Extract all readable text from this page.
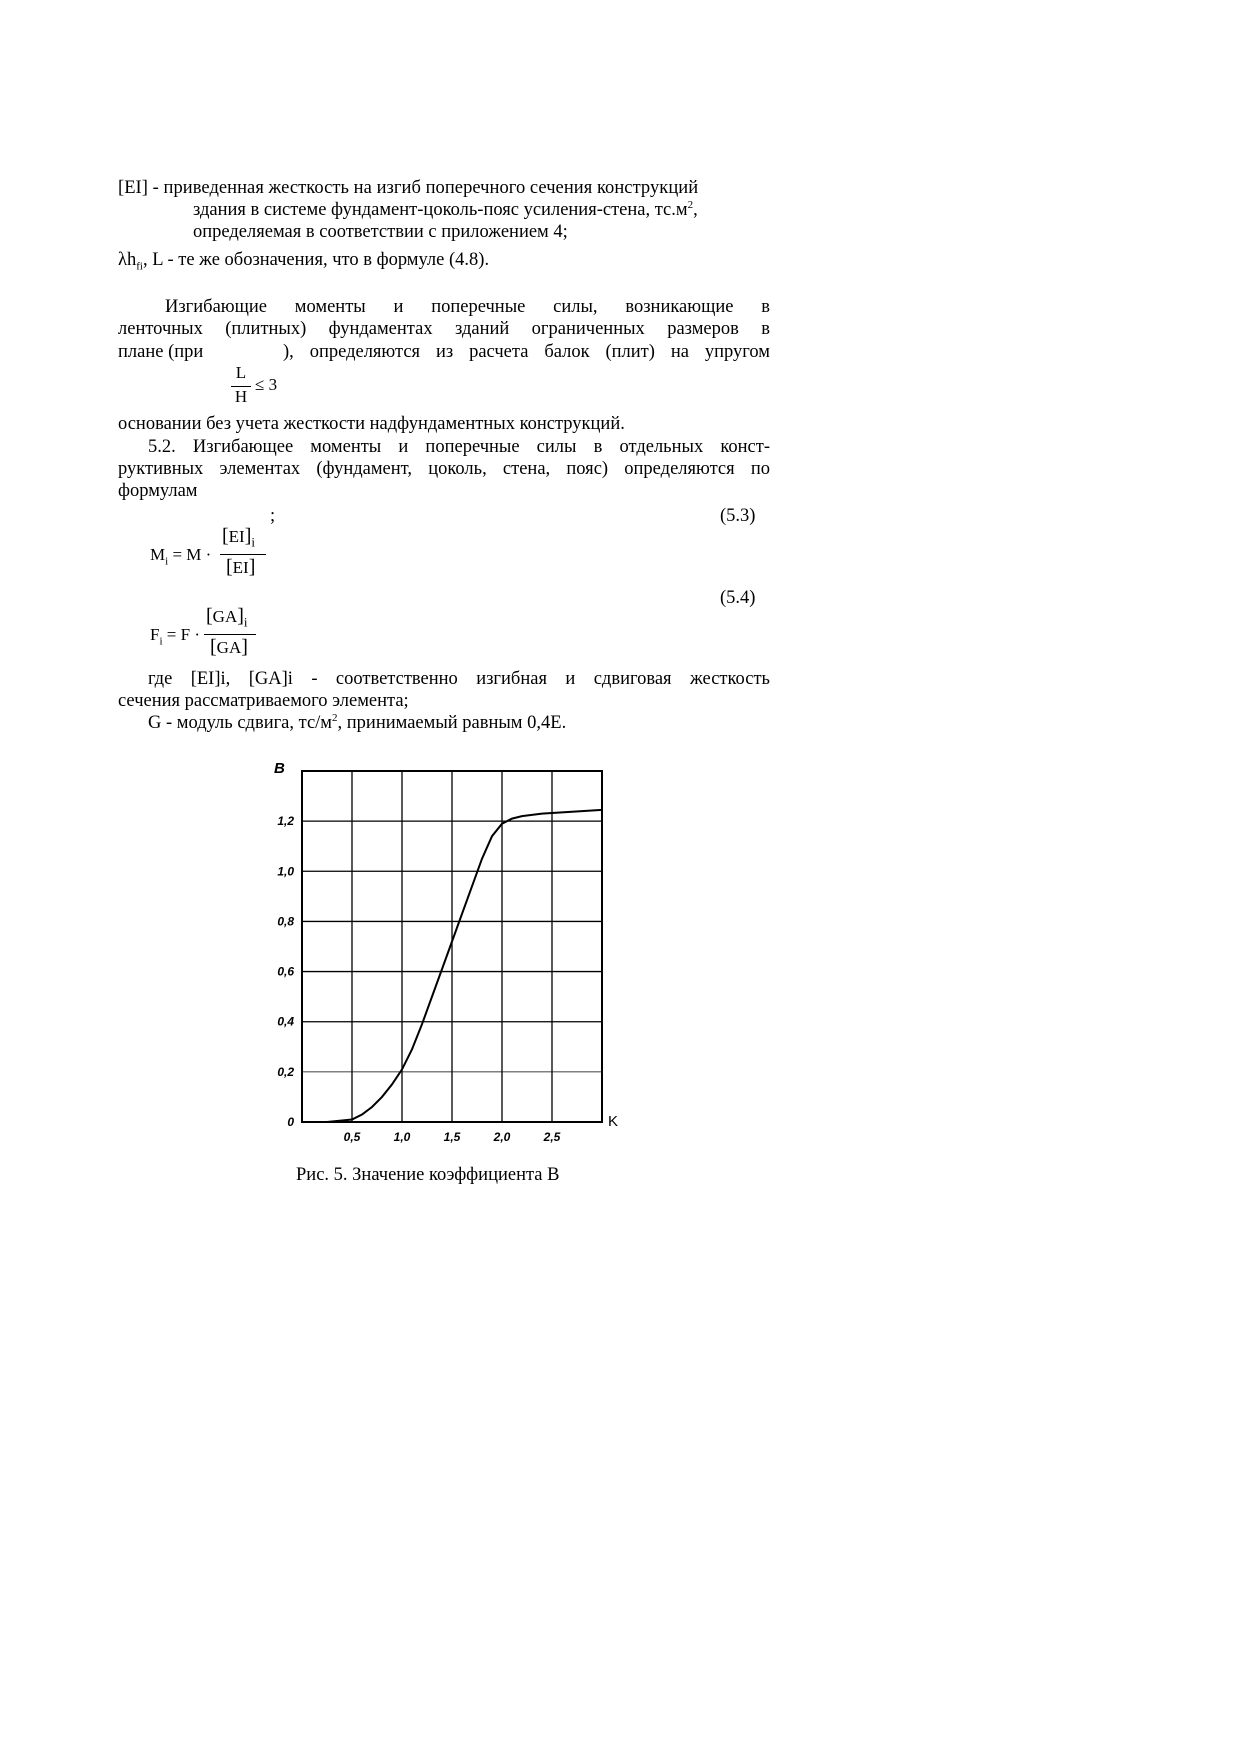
[EI] - приведенная жесткость на изгиб поперечного сечения конструкций
здания в системе фундамент-цоколь-пояс усиления-стена, $тс.м^2$,
определяемая в соответствии с приложением 4;
$\lambda h_{fi}$, L - те же обозначения, что в формуле (4.8).
Изгибающие моменты и поперечные силы, возникающие в
ленточных (плитных) фундаментах зданий ограниченных размеров в
плане (при	), определяются из расчета балок (плит) на упругом
L
H
≤ 3
основании без учета жесткости надфундаментных конструкций.
5.2. Изгибающее моменты и поперечные силы в отдельных конст-
руктивных элементах (фундамент, цоколь, стена, пояс) определяются по
формулам
;	(5.3)
$M_i = M$ ·
$[EI]_i$
[EI]
(5.4)
$F_i = F$ ·
$[GA]_i$
[GA]
где [EI]i, [GA]i - соответственно изгибная и сдвиговая жесткость
сечения рассматриваемого элемента;
G - модуль сдвига, $тс/м^2$, принимаемый равным 0,4E.
0,5	1,0	1,5	2,0	2,5
0
0,2
0,4
0,6
0,8
1,0
1,2
B
K
Рис. 5. Значение коэффициента В
